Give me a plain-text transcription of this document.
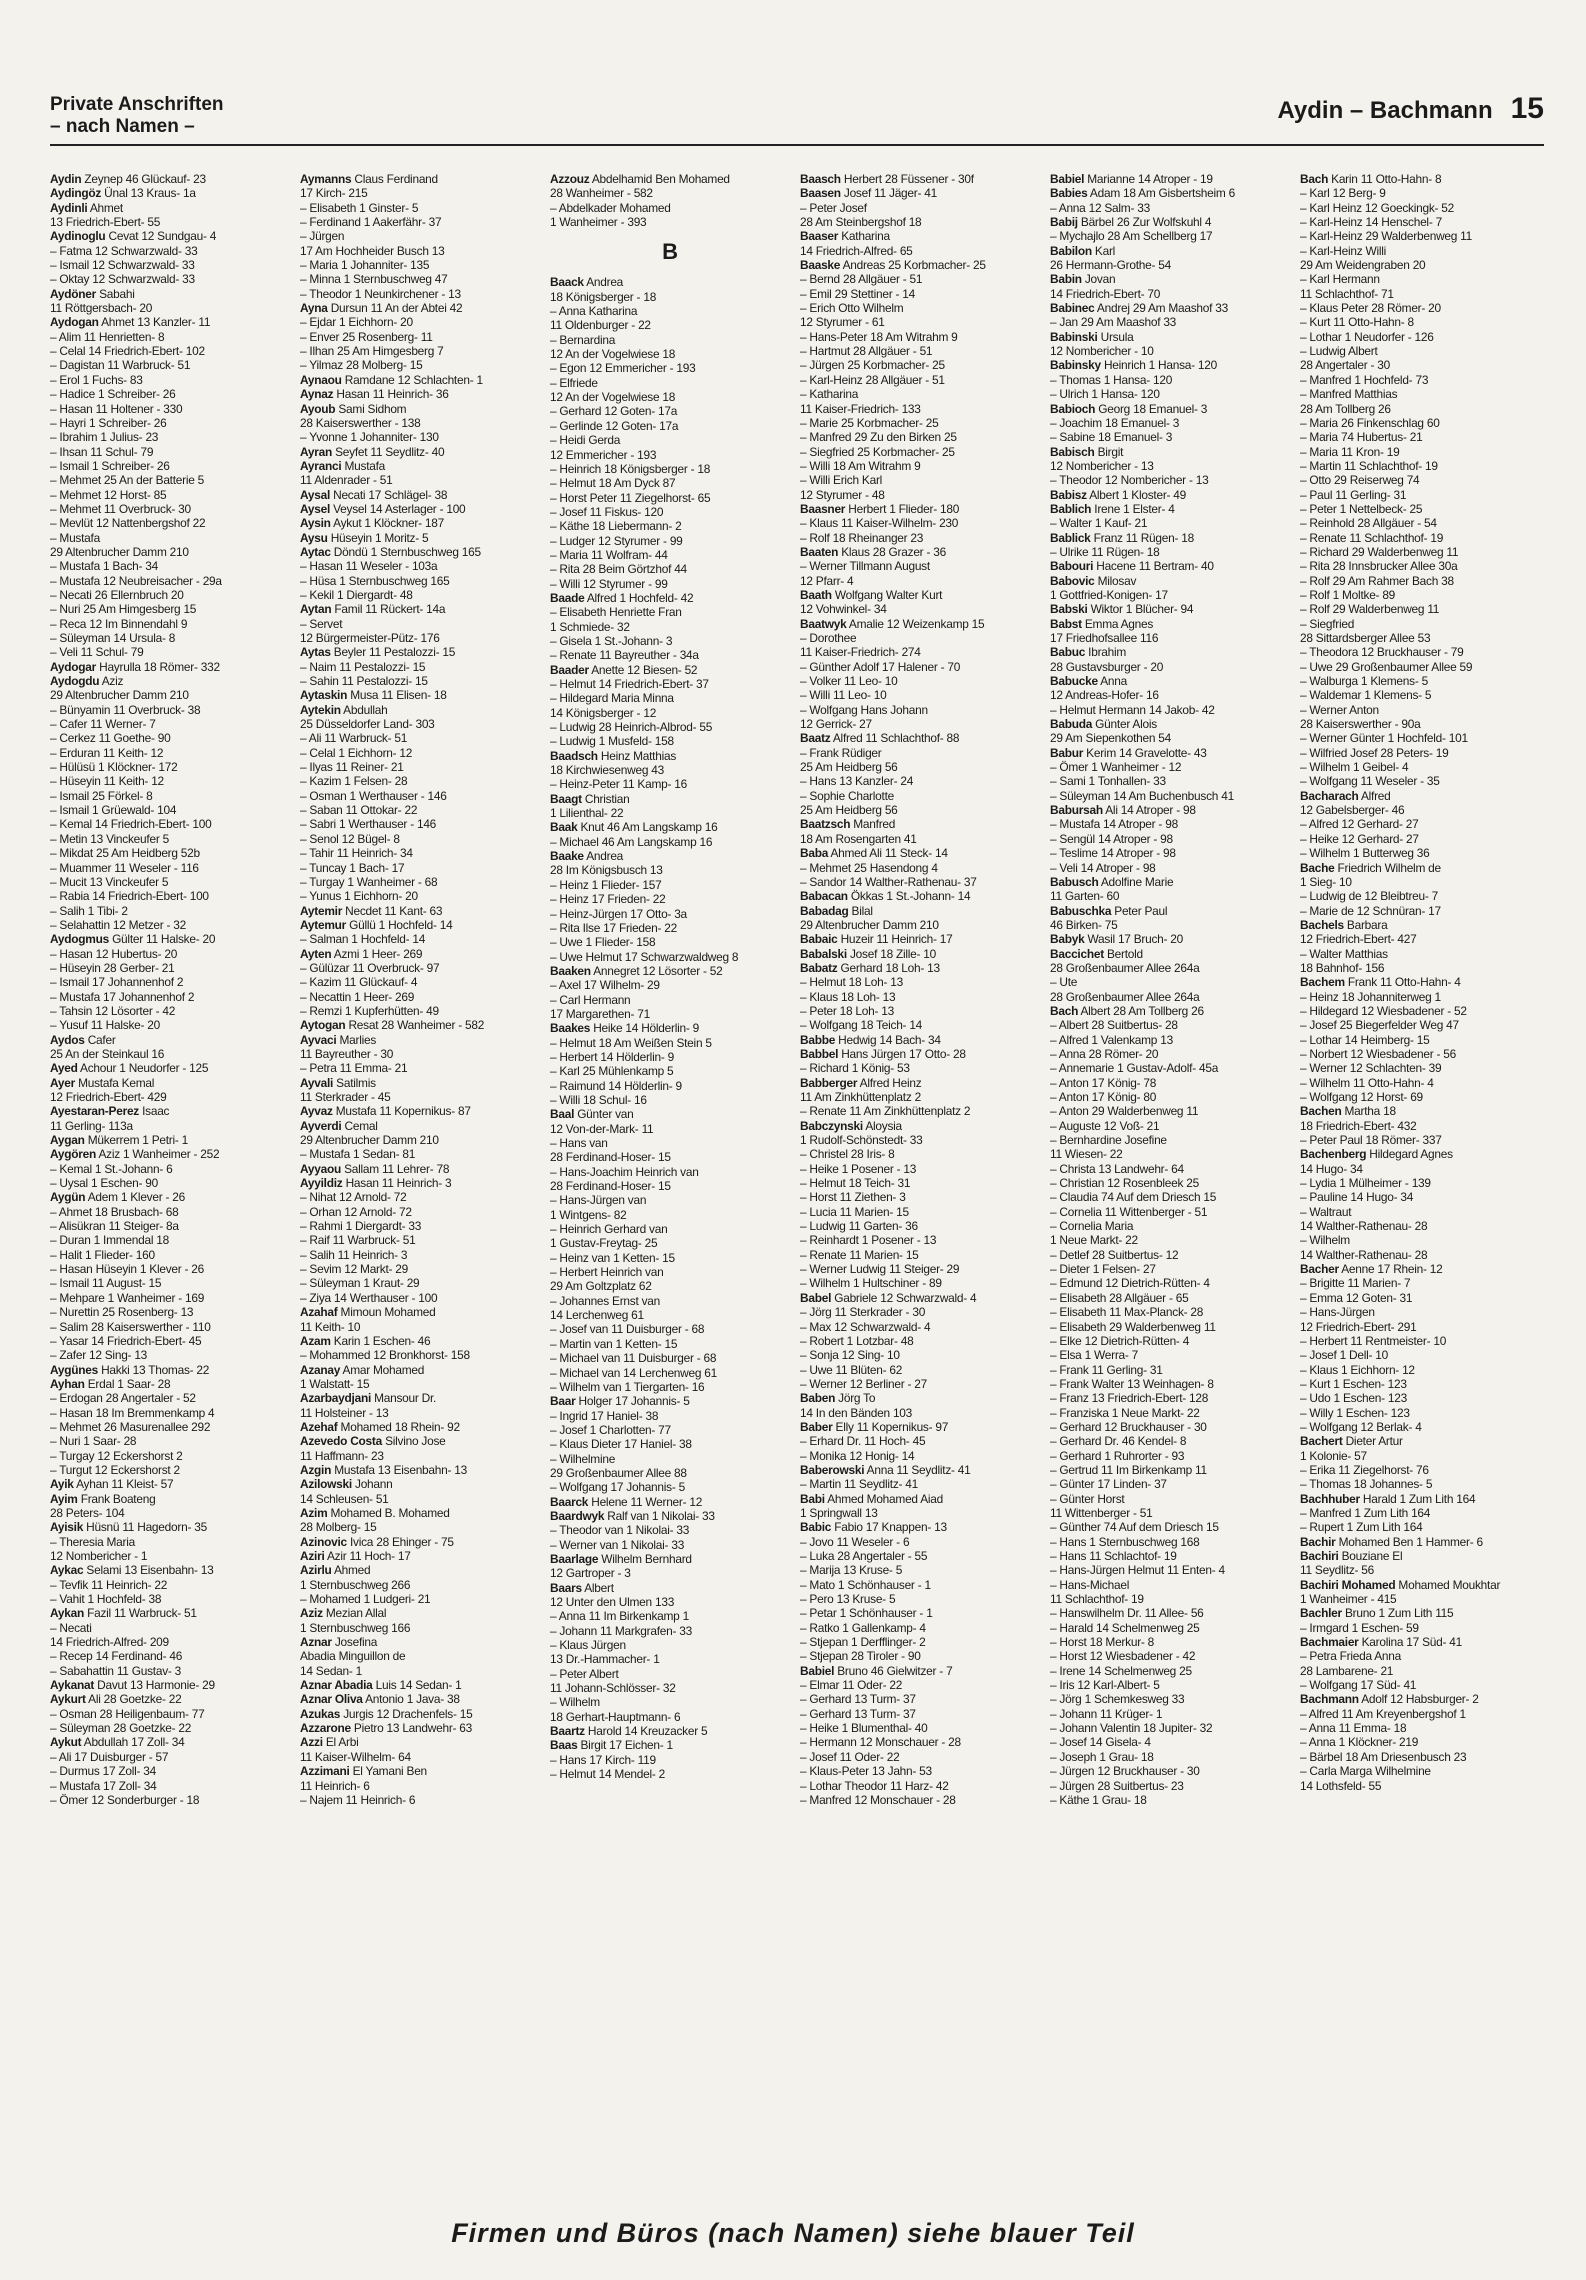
Private Anschriften
– nach Namen –
Aydin – Bachmann 15
Aydin Zeynep 46 Glückauf- 23
Aydingöz Ünal 13 Kraus- 1a
Aydinli Ahmet
13 Friedrich-Ebert- 55
Aydinoglu Cevat 12 Sundgau- 4
– Fatma 12 Schwarzwald- 33
– Ismail 12 Schwarzwald- 33
– Oktay 12 Schwarzwald- 33
Aydöner Sabahi
11 Röttgersbach- 20
Aydogan Ahmet 13 Kanzler- 11
– Alim 11 Henrietten- 8
– Celal 14 Friedrich-Ebert- 102
– Dagistan 11 Warbruck- 51
– Erol 1 Fuchs- 83
– Hadice 1 Schreiber- 26
– Hasan 11 Holtener - 330
– Hayri 1 Schreiber- 26
– Ibrahim 1 Julius- 23
– Ihsan 11 Schul- 79
– Ismail 1 Schreiber- 26
– Mehmet 25 An der Batterie 5
– Mehmet 12 Horst- 85
– Mehmet 11 Overbruck- 30
– Mevlüt 12 Nattenbergshof 22
– Mustafa
29 Altenbrucher Damm 210
– Mustafa 1 Bach- 34
– Mustafa 12 Neubreisacher - 29a
– Necati 26 Ellernbruch 20
– Nuri 25 Am Himgesberg 15
– Reca 12 Im Binnendahl 9
– Süleyman 14 Ursula- 8
– Veli 11 Schul- 79
Aydogar Hayrulla 18 Römer- 332
Aydogdu Aziz
29 Altenbrucher Damm 210
– Bünyamin 11 Overbruck- 38
– Cafer 11 Werner- 7
– Cerkez 11 Goethe- 90
– Erduran 11 Keith- 12
– Hülüsü 1 Klöckner- 172
– Hüseyin 11 Keith- 12
– Ismail 25 Förkel- 8
– Ismail 1 Grüewald- 104
– Kemal 14 Friedrich-Ebert- 100
– Metin 13 Vinckeufer 5
– Mikdat 25 Am Heidberg 52b
– Muammer 11 Weseler - 116
– Mucit 13 Vinckeufer 5
– Rabia 14 Friedrich-Ebert- 100
– Salih 1 Tibi- 2
– Selahattin 12 Metzer - 32
Aydogmus Gülter 11 Halske- 20
– Hasan 12 Hubertus- 20
– Hüseyin 28 Gerber- 21
– Ismail 17 Johannenhof 2
– Mustafa 17 Johannenhof 2
– Tahsin 12 Lösorter - 42
– Yusuf 11 Halske- 20
Aydos Cafer
25 An der Steinkaul 16
Ayed Achour 1 Neudorfer - 125
Ayer Mustafa Kemal
12 Friedrich-Ebert- 429
Ayestaran-Perez Isaac
11 Gerling- 113a
Aygan Mükerrem 1 Petri- 1
Aygören Aziz 1 Wanheimer - 252
– Kemal 1 St.-Johann- 6
– Uysal 1 Eschen- 90
Aygün Adem 1 Klever - 26
– Ahmet 18 Brusbach- 68
– Alisükran 11 Steiger- 8a
– Duran 1 Immendal 18
– Halit 1 Flieder- 160
– Hasan Hüseyin 1 Klever - 26
– Ismail 11 August- 15
– Mehpare 1 Wanheimer - 169
– Nurettin 25 Rosenberg- 13
– Salim 28 Kaiserswerther - 110
– Yasar 14 Friedrich-Ebert- 45
– Zafer 12 Sing- 13
Aygünes Hakki 13 Thomas- 22
Ayhan Erdal 1 Saar- 28
– Erdogan 28 Angertaler - 52
– Hasan 18 Im Bremmenkamp 4
– Mehmet 26 Masurenallee 292
– Nuri 1 Saar- 28
– Turgay 12 Eckershorst 2
– Turgut 12 Eckershorst 2
Ayik Ayhan 11 Kleist- 57
Ayim Frank Boateng
28 Peters- 104
Ayisik Hüsnü 11 Hagedorn- 35
– Theresia Maria
12 Nombericher - 1
Aykac Selami 13 Eisenbahn- 13
– Tevfik 11 Heinrich- 22
– Vahit 1 Hochfeld- 38
Aykan Fazil 11 Warbruck- 51
– Necati
14 Friedrich-Alfred- 209
– Recep 14 Ferdinand- 46
– Sabahattin 11 Gustav- 3
Aykanat Davut 13 Harmonie- 29
Aykurt Ali 28 Goetzke- 22
– Osman 28 Heiligenbaum- 77
– Süleyman 28 Goetzke- 22
Aykut Abdullah 17 Zoll- 34
– Ali 17 Duisburger - 57
– Durmus 17 Zoll- 34
– Mustafa 17 Zoll- 34
– Ömer 12 Sonderburger - 18
Aymanns Claus Ferdinand
17 Kirch- 215
– Elisabeth 1 Ginster- 5
– Ferdinand 1 Aakerfähr- 37
– Jürgen
17 Am Hochheider Busch 13
– Maria 1 Johanniter- 135
– Minna 1 Sternbuschweg 47
– Theodor 1 Neunkirchener - 13
Ayna Dursun 11 An der Abtei 42
– Ejdar 1 Eichhorn- 20
– Enver 25 Rosenberg- 11
– Ilhan 25 Am Himgesberg 7
– Yilmaz 28 Molberg- 15
Aynaou Ramdane 12 Schlachten- 1
Aynaz Hasan 11 Heinrich- 36
Ayoub Sami Sidhom
28 Kaiserswerther - 138
– Yvonne 1 Johanniter- 130
Ayran Seyfet 11 Seydlitz- 40
Ayranci Mustafa
11 Aldenrader - 51
Aysal Necati 17 Schlägel- 38
Aysel Veysel 14 Asterlager - 100
Aysin Aykut 1 Klöckner- 187
Aysu Hüseyin 1 Moritz- 5
Aytac Döndü 1 Sternbuschweg 165
– Hasan 11 Weseler - 103a
– Hüsa 1 Sternbuschweg 165
– Kekil 1 Diergardt- 48
Aytan Famil 11 Rückert- 14a
– Servet
12 Bürgermeister-Pütz- 176
Aytas Beyler 11 Pestalozzi- 15
– Naim 11 Pestalozzi- 15
– Sahin 11 Pestalozzi- 15
Aytaskin Musa 11 Elisen- 18
Aytekin Abdullah
25 Düsseldorfer Land- 303
– Ali 11 Warbruck- 51
– Celal 1 Eichhorn- 12
– Ilyas 11 Reiner- 21
– Kazim 1 Felsen- 28
– Osman 1 Werthauser - 146
– Saban 11 Ottokar- 22
– Sabri 1 Werthauser - 146
– Senol 12 Bügel- 8
– Tahir 11 Heinrich- 34
– Tuncay 1 Bach- 17
– Turgay 1 Wanheimer - 68
– Yunus 1 Eichhorn- 20
Aytemir Necdet 11 Kant- 63
Aytemur Güllü 1 Hochfeld- 14
– Salman 1 Hochfeld- 14
Ayten Azmi 1 Heer- 269
– Gülüzar 11 Overbruck- 97
– Kazim 11 Glückauf- 4
– Necattin 1 Heer- 269
– Remzi 1 Kupferhütten- 49
Aytogan Resat 28 Wanheimer - 582
Ayvaci Marlies
11 Bayreuther - 30
– Petra 11 Emma- 21
Ayvali Satilmis
11 Sterkrader - 45
Ayvaz Mustafa 11 Kopernikus- 87
Ayverdi Cemal
29 Altenbrucher Damm 210
– Mustafa 1 Sedan- 81
Ayyaou Sallam 11 Lehrer- 78
Ayyildiz Hasan 11 Heinrich- 3
– Nihat 12 Arnold- 72
– Orhan 12 Arnold- 72
– Rahmi 1 Diergardt- 33
– Raif 11 Warbruck- 51
– Salih 11 Heinrich- 3
– Sevim 12 Markt- 29
– Süleyman 1 Kraut- 29
– Ziya 14 Werthauser - 100
Azahaf Mimoun Mohamed
11 Keith- 10
Azam Karin 1 Eschen- 46
– Mohammed 12 Bronkhorst- 158
Azanay Amar Mohamed
1 Walstatt- 15
Azarbaydjani Mansour Dr.
11 Holsteiner - 13
Azehaf Mohamed 18 Rhein- 92
Azevedo Costa Silvino Jose
11 Haffmann- 23
Azgin Mustafa 13 Eisenbahn- 13
Azilowski Johann
14 Schleusen- 51
Azim Mohamed B. Mohamed
28 Molberg- 15
Azinovic Ivica 28 Ehinger - 75
Aziri Azir 11 Hoch- 17
Azirlu Ahmed
1 Sternbuschweg 266
– Mohamed 1 Ludgeri- 21
Aziz Mezian Allal
1 Sternbuschweg 166
Aznar Josefina
Abadia Minguillon de
14 Sedan- 1
Aznar Abadia Luis 14 Sedan- 1
Aznar Oliva Antonio 1 Java- 38
Azukas Jurgis 12 Drachenfels- 15
Azzarone Pietro 13 Landwehr- 63
Azzi El Arbi
11 Kaiser-Wilhelm- 64
Azzimani El Yamani Ben
11 Heinrich- 6
– Najem 11 Heinrich- 6
Azzouz Abdelhamid Ben Mohamed
28 Wanheimer - 582
– Abdelkader Mohamed
1 Wanheimer - 393
B
Baack Andrea
18 Königsberger - 18
– Anna Katharina
11 Oldenburger - 22
– Bernardina
12 An der Vogelwiese 18
– Egon 12 Emmericher - 193
– Elfriede
12 An der Vogelwiese 18
– Gerhard 12 Goten- 17a
– Gerlinde 12 Goten- 17a
– Heidi Gerda
12 Emmericher - 193
– Heinrich 18 Königsberger - 18
– Helmut 18 Am Dyck 87
– Horst Peter 11 Ziegelhorst- 65
– Josef 11 Fiskus- 120
– Käthe 18 Liebermann- 2
– Ludger 12 Styrumer - 99
– Maria 11 Wolfram- 44
– Rita 28 Beim Görtzhof 44
– Willi 12 Styrumer - 99
Baade Alfred 1 Hochfeld- 42
– Elisabeth Henriette Fran
1 Schmiede- 32
– Gisela 1 St.-Johann- 3
– Renate 11 Bayreuther - 34a
Baader Anette 12 Biesen- 52
– Helmut 14 Friedrich-Ebert- 37
– Hildegard Maria Minna
14 Königsberger - 12
– Ludwig 28 Heinrich-Albrod- 55
– Ludwig 1 Musfeld- 158
Baadsch Heinz Matthias
18 Kirchwiesenweg 43
– Heinz-Peter 11 Kamp- 16
Baagt Christian
1 Lilienthal- 22
Baak Knut 46 Am Langskamp 16
– Michael 46 Am Langskamp 16
Baake Andrea
28 Im Königsbusch 13
– Heinz 1 Flieder- 157
– Heinz 17 Frieden- 22
– Heinz-Jürgen 17 Otto- 3a
– Rita Ilse 17 Frieden- 22
– Uwe 1 Flieder- 158
– Uwe Helmut 17 Schwarzwaldweg 8
Baaken Annegret 12 Lösorter - 52
– Axel 17 Wilhelm- 29
– Carl Hermann
17 Margarethen- 71
Baakes Heike 14 Hölderlin- 9
– Helmut 18 Am Weißen Stein 5
– Herbert 14 Hölderlin- 9
– Karl 25 Mühlenkamp 5
– Raimund 14 Hölderlin- 9
– Willi 18 Schul- 16
Baal Günter van
12 Von-der-Mark- 11
– Hans van
28 Ferdinand-Hoser- 15
– Hans-Joachim Heinrich van
28 Ferdinand-Hoser- 15
– Hans-Jürgen van
1 Wintgens- 82
– Heinrich Gerhard van
1 Gustav-Freytag- 25
– Heinz van 1 Ketten- 15
– Herbert Heinrich van
29 Am Goltzplatz 62
– Johannes Ernst van
14 Lerchenweg 61
– Josef van 11 Duisburger - 68
– Martin van 1 Ketten- 15
– Michael van 11 Duisburger - 68
– Michael van 14 Lerchenweg 61
– Wilhelm van 1 Tiergarten- 16
Baar Holger 17 Johannis- 5
– Ingrid 17 Haniel- 38
– Josef 1 Charlotten- 77
– Klaus Dieter 17 Haniel- 38
– Wilhelmine
29 Großenbaumer Allee 88
– Wolfgang 17 Johannis- 5
Baarck Helene 11 Werner- 12
Baardwyk Ralf van 1 Nikolai- 33
– Theodor van 1 Nikolai- 33
– Werner van 1 Nikolai- 33
Baarlage Wilhelm Bernhard
12 Gartroper - 3
Baars Albert
12 Unter den Ulmen 133
– Anna 11 Im Birkenkamp 1
– Johann 11 Markgrafen- 33
– Klaus Jürgen
13 Dr.-Hammacher- 1
– Peter Albert
11 Johann-Schlösser- 32
– Wilhelm
18 Gerhart-Hauptmann- 6
Baartz Harold 14 Kreuzacker 5
Baas Birgit 17 Eichen- 1
– Hans 17 Kirch- 119
– Helmut 14 Mendel- 2
Baasch Herbert 28 Füssener - 30f
Baasen Josef 11 Jäger- 41
– Peter Josef
28 Am Steinbergshof 18
Baaser Katharina
14 Friedrich-Alfred- 65
Baaske Andreas 25 Korbmacher- 25
– Bernd 28 Allgäuer - 51
– Emil 29 Stettiner - 14
– Erich Otto Wilhelm
12 Styrumer - 61
– Hans-Peter 18 Am Witrahm 9
– Hartmut 28 Allgäuer - 51
– Jürgen 25 Korbmacher- 25
– Karl-Heinz 28 Allgäuer - 51
– Katharina
11 Kaiser-Friedrich- 133
– Marie 25 Korbmacher- 25
– Manfred 29 Zu den Birken 25
– Siegfried 25 Korbmacher- 25
– Willi 18 Am Witrahm 9
– Willi Erich Karl
12 Styrumer - 48
Baasner Herbert 1 Flieder- 180
– Klaus 11 Kaiser-Wilhelm- 230
– Rolf 18 Rheinanger 23
Baaten Klaus 28 Grazer - 36
– Werner Tillmann August
12 Pfarr- 4
Baath Wolfgang Walter Kurt
12 Vohwinkel- 34
Baatwyk Amalie 12 Weizenkamp 15
– Dorothee
11 Kaiser-Friedrich- 274
– Günther Adolf 17 Halener - 70
– Volker 11 Leo- 10
– Willi 11 Leo- 10
– Wolfgang Hans Johann
12 Gerrick- 27
Baatz Alfred 11 Schlachthof- 88
– Frank Rüdiger
25 Am Heidberg 56
– Hans 13 Kanzler- 24
– Sophie Charlotte
25 Am Heidberg 56
Baatzsch Manfred
18 Am Rosengarten 41
Baba Ahmed Ali 11 Steck- 14
– Mehmet 25 Hasendong 4
– Sandor 14 Walther-Rathenau- 37
Babacan Ökkas 1 St.-Johann- 14
Babadag Bilal
29 Altenbrucher Damm 210
Babaic Huzeir 11 Heinrich- 17
Babalski Josef 18 Zille- 10
Babatz Gerhard 18 Loh- 13
– Helmut 18 Loh- 13
– Klaus 18 Loh- 13
– Peter 18 Loh- 13
– Wolfgang 18 Teich- 14
Babbe Hedwig 14 Bach- 34
Babbel Hans Jürgen 17 Otto- 28
– Richard 1 König- 53
Babberger Alfred Heinz
11 Am Zinkhüttenplatz 2
– Renate 11 Am Zinkhüttenplatz 2
Babczynski Aloysia
1 Rudolf-Schönstedt- 33
– Christel 28 Iris- 8
– Heike 1 Posener - 13
– Helmut 18 Teich- 31
– Horst 11 Ziethen- 3
– Lucia 11 Marien- 15
– Ludwig 11 Garten- 36
– Reinhardt 1 Posener - 13
– Renate 11 Marien- 15
– Werner Ludwig 11 Steiger- 29
– Wilhelm 1 Hultschiner - 89
Babel Gabriele 12 Schwarzwald- 4
– Jörg 11 Sterkrader - 30
– Max 12 Schwarzwald- 4
– Robert 1 Lotzbar- 48
– Sonja 12 Sing- 10
– Uwe 11 Blüten- 62
– Werner 12 Berliner - 27
Baben Jörg To
14 In den Bänden 103
Baber Elly 11 Kopernikus- 97
– Erhard Dr. 11 Hoch- 45
– Monika 12 Honig- 14
Baberowski Anna 11 Seydlitz- 41
– Martin 11 Seydlitz- 41
Babi Ahmed Mohamed Aiad
1 Springwall 13
Babic Fabio 17 Knappen- 13
– Jovo 11 Weseler - 6
– Luka 28 Angertaler - 55
– Marija 13 Kruse- 5
– Mato 1 Schönhauser - 1
– Pero 13 Kruse- 5
– Petar 1 Schönhauser - 1
– Ratko 1 Gallenkamp- 4
– Stjepan 1 Derfflinger- 2
– Stjepan 28 Tiroler - 90
Babiel Bruno 46 Gielwitzer - 7
– Elmar 11 Oder- 22
– Gerhard 13 Turm- 37
– Gerhard 13 Turm- 37
– Heike 1 Blumenthal- 40
– Hermann 12 Monschauer - 28
– Josef 11 Oder- 22
– Klaus-Peter 13 Jahn- 53
– Lothar Theodor 11 Harz- 42
– Manfred 12 Monschauer - 28
Babiel Marianne 14 Atroper - 19
Babies Adam 18 Am Gisbertsheim 6
– Anna 12 Salm- 33
Babij Bärbel 26 Zur Wolfskuhl 4
– Mychajlo 28 Am Schellberg 17
Babilon Karl
26 Hermann-Grothe- 54
Babin Jovan
14 Friedrich-Ebert- 70
Babinec Andrej 29 Am Maashof 33
– Jan 29 Am Maashof 33
Babinski Ursula
12 Nombericher - 10
Babinsky Heinrich 1 Hansa- 120
– Thomas 1 Hansa- 120
– Ulrich 1 Hansa- 120
Babioch Georg 18 Emanuel- 3
– Joachim 18 Emanuel- 3
– Sabine 18 Emanuel- 3
Babisch Birgit
12 Nombericher - 13
– Theodor 12 Nombericher - 13
Babisz Albert 1 Kloster- 49
Bablich Irene 1 Elster- 4
– Walter 1 Kauf- 21
Bablick Franz 11 Rügen- 18
– Ulrike 11 Rügen- 18
Babouri Hacene 11 Bertram- 40
Babovic Milosav
1 Gottfried-Konigen- 17
Babski Wiktor 1 Blücher- 94
Babst Emma Agnes
17 Friedhofsallee 116
Babuc Ibrahim
28 Gustavsburger - 20
Babucke Anna
12 Andreas-Hofer- 16
– Helmut Hermann 14 Jakob- 42
Babuda Günter Alois
29 Am Siepenkothen 54
Babur Kerim 14 Gravelotte- 43
– Ömer 1 Wanheimer - 12
– Sami 1 Tonhallen- 33
– Süleyman 14 Am Buchenbusch 41
Babursah Ali 14 Atroper - 98
– Mustafa 14 Atroper - 98
– Sengül 14 Atroper - 98
– Teslime 14 Atroper - 98
– Veli 14 Atroper - 98
Babusch Adolfine Marie
11 Garten- 60
Babuschka Peter Paul
46 Birken- 75
Babyk Wasil 17 Bruch- 20
Baccichet Bertold
28 Großenbaumer Allee 264a
– Ute
28 Großenbaumer Allee 264a
Bach Albert 28 Am Tollberg 26
– Albert 28 Suitbertus- 28
– Alfred 1 Valenkamp 13
– Anna 28 Römer- 20
– Annemarie 1 Gustav-Adolf- 45a
– Anton 17 König- 78
– Anton 17 König- 80
– Anton 29 Walderbenweg 11
– Auguste 12 Voß- 21
– Bernhardine Josefine
11 Wiesen- 22
– Christa 13 Landwehr- 64
– Christian 12 Rosenbleek 25
– Claudia 74 Auf dem Driesch 15
– Cornelia 11 Wittenberger - 51
– Cornelia Maria
1 Neue Markt- 22
– Detlef 28 Suitbertus- 12
– Dieter 1 Felsen- 27
– Edmund 12 Dietrich-Rütten- 4
– Elisabeth 28 Allgäuer - 65
– Elisabeth 11 Max-Planck- 28
– Elisabeth 29 Walderbenweg 11
– Elke 12 Dietrich-Rütten- 4
– Elsa 1 Werra- 7
– Frank 11 Gerling- 31
– Frank Walter 13 Weinhagen- 8
– Franz 13 Friedrich-Ebert- 128
– Franziska 1 Neue Markt- 22
– Gerhard 12 Bruckhauser - 30
– Gerhard Dr. 46 Kendel- 8
– Gerhard 1 Ruhrorter - 93
– Gertrud 11 Im Birkenkamp 11
– Günter 17 Linden- 37
– Günter Horst
11 Wittenberger - 51
– Günther 74 Auf dem Driesch 15
– Hans 1 Sternbuschweg 168
– Hans 11 Schlachtof- 19
– Hans-Jürgen Helmut 11 Enten- 4
– Hans-Michael
11 Schlachthof- 19
– Hanswilhelm Dr. 11 Allee- 56
– Harald 14 Schelmenweg 25
– Horst 18 Merkur- 8
– Horst 12 Wiesbadener - 42
– Irene 14 Schelmenweg 25
– Iris 12 Karl-Albert- 5
– Jörg 1 Schemkesweg 33
– Johann 11 Krüger- 1
– Johann Valentin 18 Jupiter- 32
– Josef 14 Gisela- 4
– Joseph 1 Grau- 18
– Jürgen 12 Bruckhauser - 30
– Jürgen 28 Suitbertus- 23
– Käthe 1 Grau- 18
Bach Karin 11 Otto-Hahn- 8
– Karl 12 Berg- 9
– Karl Heinz 12 Goeckingk- 52
– Karl-Heinz 14 Henschel- 7
– Karl-Heinz 29 Walderbenweg 11
– Karl-Heinz Willi
29 Am Weidengraben 20
– Karl Hermann
11 Schlachthof- 71
– Klaus Peter 28 Römer- 20
– Kurt 11 Otto-Hahn- 8
– Lothar 1 Neudorfer - 126
– Ludwig Albert
28 Angertaler - 30
– Manfred 1 Hochfeld- 73
– Manfred Matthias
28 Am Tollberg 26
– Maria 26 Finkenschlag 60
– Maria 74 Hubertus- 21
– Maria 11 Kron- 19
– Martin 11 Schlachthof- 19
– Otto 29 Reiserweg 74
– Paul 11 Gerling- 31
– Peter 1 Nettelbeck- 25
– Reinhold 28 Allgäuer - 54
– Renate 11 Schlachthof- 19
– Richard 29 Walderbenweg 11
– Rita 28 Innsbrucker Allee 30a
– Rolf 29 Am Rahmer Bach 38
– Rolf 1 Moltke- 89
– Rolf 29 Walderbenweg 11
– Siegfried
28 Sittardsberger Allee 53
– Theodora 12 Bruckhauser - 79
– Uwe 29 Großenbaumer Allee 59
– Walburga 1 Klemens- 5
– Waldemar 1 Klemens- 5
– Werner Anton
28 Kaiserswerther - 90a
– Werner Günter 1 Hochfeld- 101
– Wilfried Josef 28 Peters- 19
– Wilhelm 1 Geibel- 4
– Wolfgang 11 Weseler - 35
Bacharach Alfred
12 Gabelsberger- 46
– Alfred 12 Gerhard- 27
– Heike 12 Gerhard- 27
– Wilhelm 1 Butterweg 36
Bache Friedrich Wilhelm de
1 Sieg- 10
– Ludwig de 12 Bleibtreu- 7
– Marie de 12 Schnüran- 17
Bachels Barbara
12 Friedrich-Ebert- 427
– Walter Matthias
18 Bahnhof- 156
Bachem Frank 11 Otto-Hahn- 4
– Heinz 18 Johanniterweg 1
– Hildegard 12 Wiesbadener - 52
– Josef 25 Biegerfelder Weg 47
– Lothar 14 Heimberg- 15
– Norbert 12 Wiesbadener - 56
– Werner 12 Schlachten- 39
– Wilhelm 11 Otto-Hahn- 4
– Wolfgang 12 Horst- 69
Bachen Martha 18
18 Friedrich-Ebert- 432
– Peter Paul 18 Römer- 337
Bachenberg Hildegard Agnes
14 Hugo- 34
– Lydia 1 Mülheimer - 139
– Pauline 14 Hugo- 34
– Waltraut
14 Walther-Rathenau- 28
– Wilhelm
14 Walther-Rathenau- 28
Bacher Aenne 17 Rhein- 12
– Brigitte 11 Marien- 7
– Emma 12 Goten- 31
– Hans-Jürgen
12 Friedrich-Ebert- 291
– Herbert 11 Rentmeister- 10
– Josef 1 Dell- 10
– Klaus 1 Eichhorn- 12
– Kurt 1 Eschen- 123
– Udo 1 Eschen- 123
– Willy 1 Eschen- 123
– Wolfgang 12 Berlak- 4
Bachert Dieter Artur
1 Kolonie- 57
– Erika 11 Ziegelhorst- 76
– Thomas 18 Johannes- 5
Bachhuber Harald 1 Zum Lith 164
– Manfred 1 Zum Lith 164
– Rupert 1 Zum Lith 164
Bachir Mohamed Ben 1 Hammer- 6
Bachiri Bouziane El
11 Seydlitz- 56
Bachiri Mohamed Mohamed Moukhtar
1 Wanheimer - 415
Bachler Bruno 1 Zum Lith 115
– Irmgard 1 Eschen- 59
Bachmaier Karolina 17 Süd- 41
– Petra Frieda Anna
28 Lambarene- 21
– Wolfgang 17 Süd- 41
Bachmann Adolf 12 Habsburger- 2
– Alfred 11 Am Kreyenbergshof 1
– Anna 11 Emma- 18
– Anna 1 Klöckner- 219
– Bärbel 18 Am Driesenbusch 23
– Carla Marga Wilhelmine
14 Lothsfeld- 55
Firmen und Büros (nach Namen) siehe blauer Teil
